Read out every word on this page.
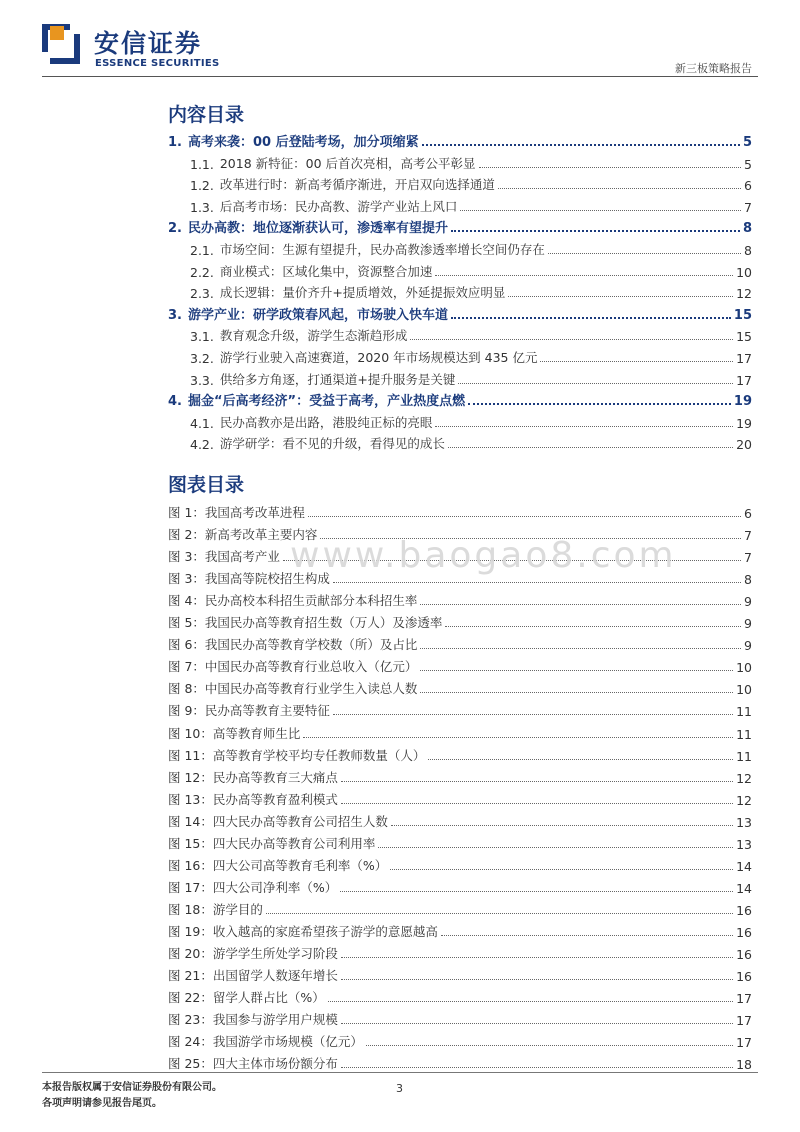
安信证券
ESSENCE SECURITIES	新三板策略报告
内容目录
1. 高考来袭：00 后登陆考场，加分项缩紧	5
1.1. 2018 新特征：00 后首次亮相，高考公平彰显	5
1.2. 改革进行时：新高考循序渐进，开启双向选择通道	6
1.3. 后高考市场：民办高教、游学产业站上风口	7
2. 民办高教：地位逐渐获认可，渗透率有望提升	8
2.1. 市场空间：生源有望提升，民办高教渗透率增长空间仍存在	8
2.2. 商业模式：区域化集中，资源整合加速	10
2.3. 成长逻辑：量价齐升+提质增效，外延提振效应明显	12
3. 游学产业：研学政策春风起，市场驶入快车道	15
3.1. 教育观念升级，游学生态渐趋形成	15
3.2. 游学行业驶入高速赛道，2020 年市场规模达到 435 亿元	17
3.3. 供给多方角逐，打通渠道+提升服务是关键	17
4. 掘金“后高考经济”：受益于高考，产业热度点燃	19
4.1. 民办高教亦是出路，港股纯正标的亮眼	19
4.2. 游学研学：看不见的升级，看得见的成长	20
图表目录
图 1：我国高考改革进程	6
图 2：新高考改革主要内容	7
图 3：我国高考产业	7
图 3：我国高等院校招生构成	8
图 4：民办高校本科招生贡献部分本科招生率	9
图 5：我国民办高等教育招生数（万人）及渗透率	9
图 6：我国民办高等教育学校数（所）及占比	9
图 7：中国民办高等教育行业总收入（亿元）	10
图 8：中国民办高等教育行业学生入读总人数	10
图 9：民办高等教育主要特征	11
图 10：高等教育师生比	11
图 11：高等教育学校平均专任教师数量（人）	11
图 12：民办高等教育三大痛点	12
图 13：民办高等教育盈利模式	12
图 14：四大民办高等教育公司招生人数	13
图 15：四大民办高等教育公司利用率	13
图 16：四大公司高等教育毛利率（%）	14
图 17：四大公司净利率（%）	14
图 18：游学目的	16
图 19：收入越高的家庭希望孩子游学的意愿越高	16
图 20：游学学生所处学习阶段	16
图 21：出国留学人数逐年增长	16
图 22：留学人群占比（%）	17
图 23：我国参与游学用户规模	17
图 24：我国游学市场规模（亿元）	17
图 25：四大主体市场份额分布	18
www.baogao8.com
本报告版权属于安信证券股份有限公司。
各项声明请参见报告尾页。
3
